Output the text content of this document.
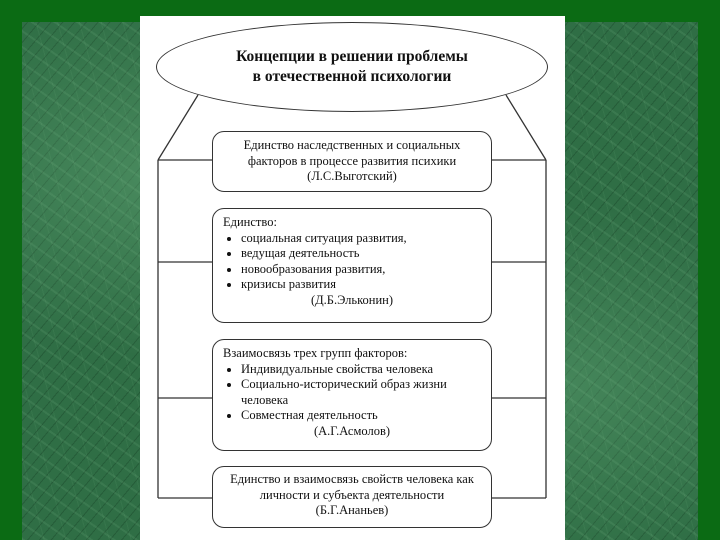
Концепции в решении проблемы в отечественной психологии
Единство наследственных и социальных факторов в процессе развития психики
(Л.С.Выготский)
Единство:
• социальная ситуация развития,
• ведущая деятельность
• новообразования развития,
• кризисы развития
(Д.Б.Эльконин)
Взаимосвязь трех групп факторов:
• Индивидуальные свойства человека
• Социально-исторический образ жизни человека
• Совместная деятельность
(А.Г.Асмолов)
Единство и взаимосвязь свойств человека как личности и субъекта деятельности
(Б.Г.Ананьев)
